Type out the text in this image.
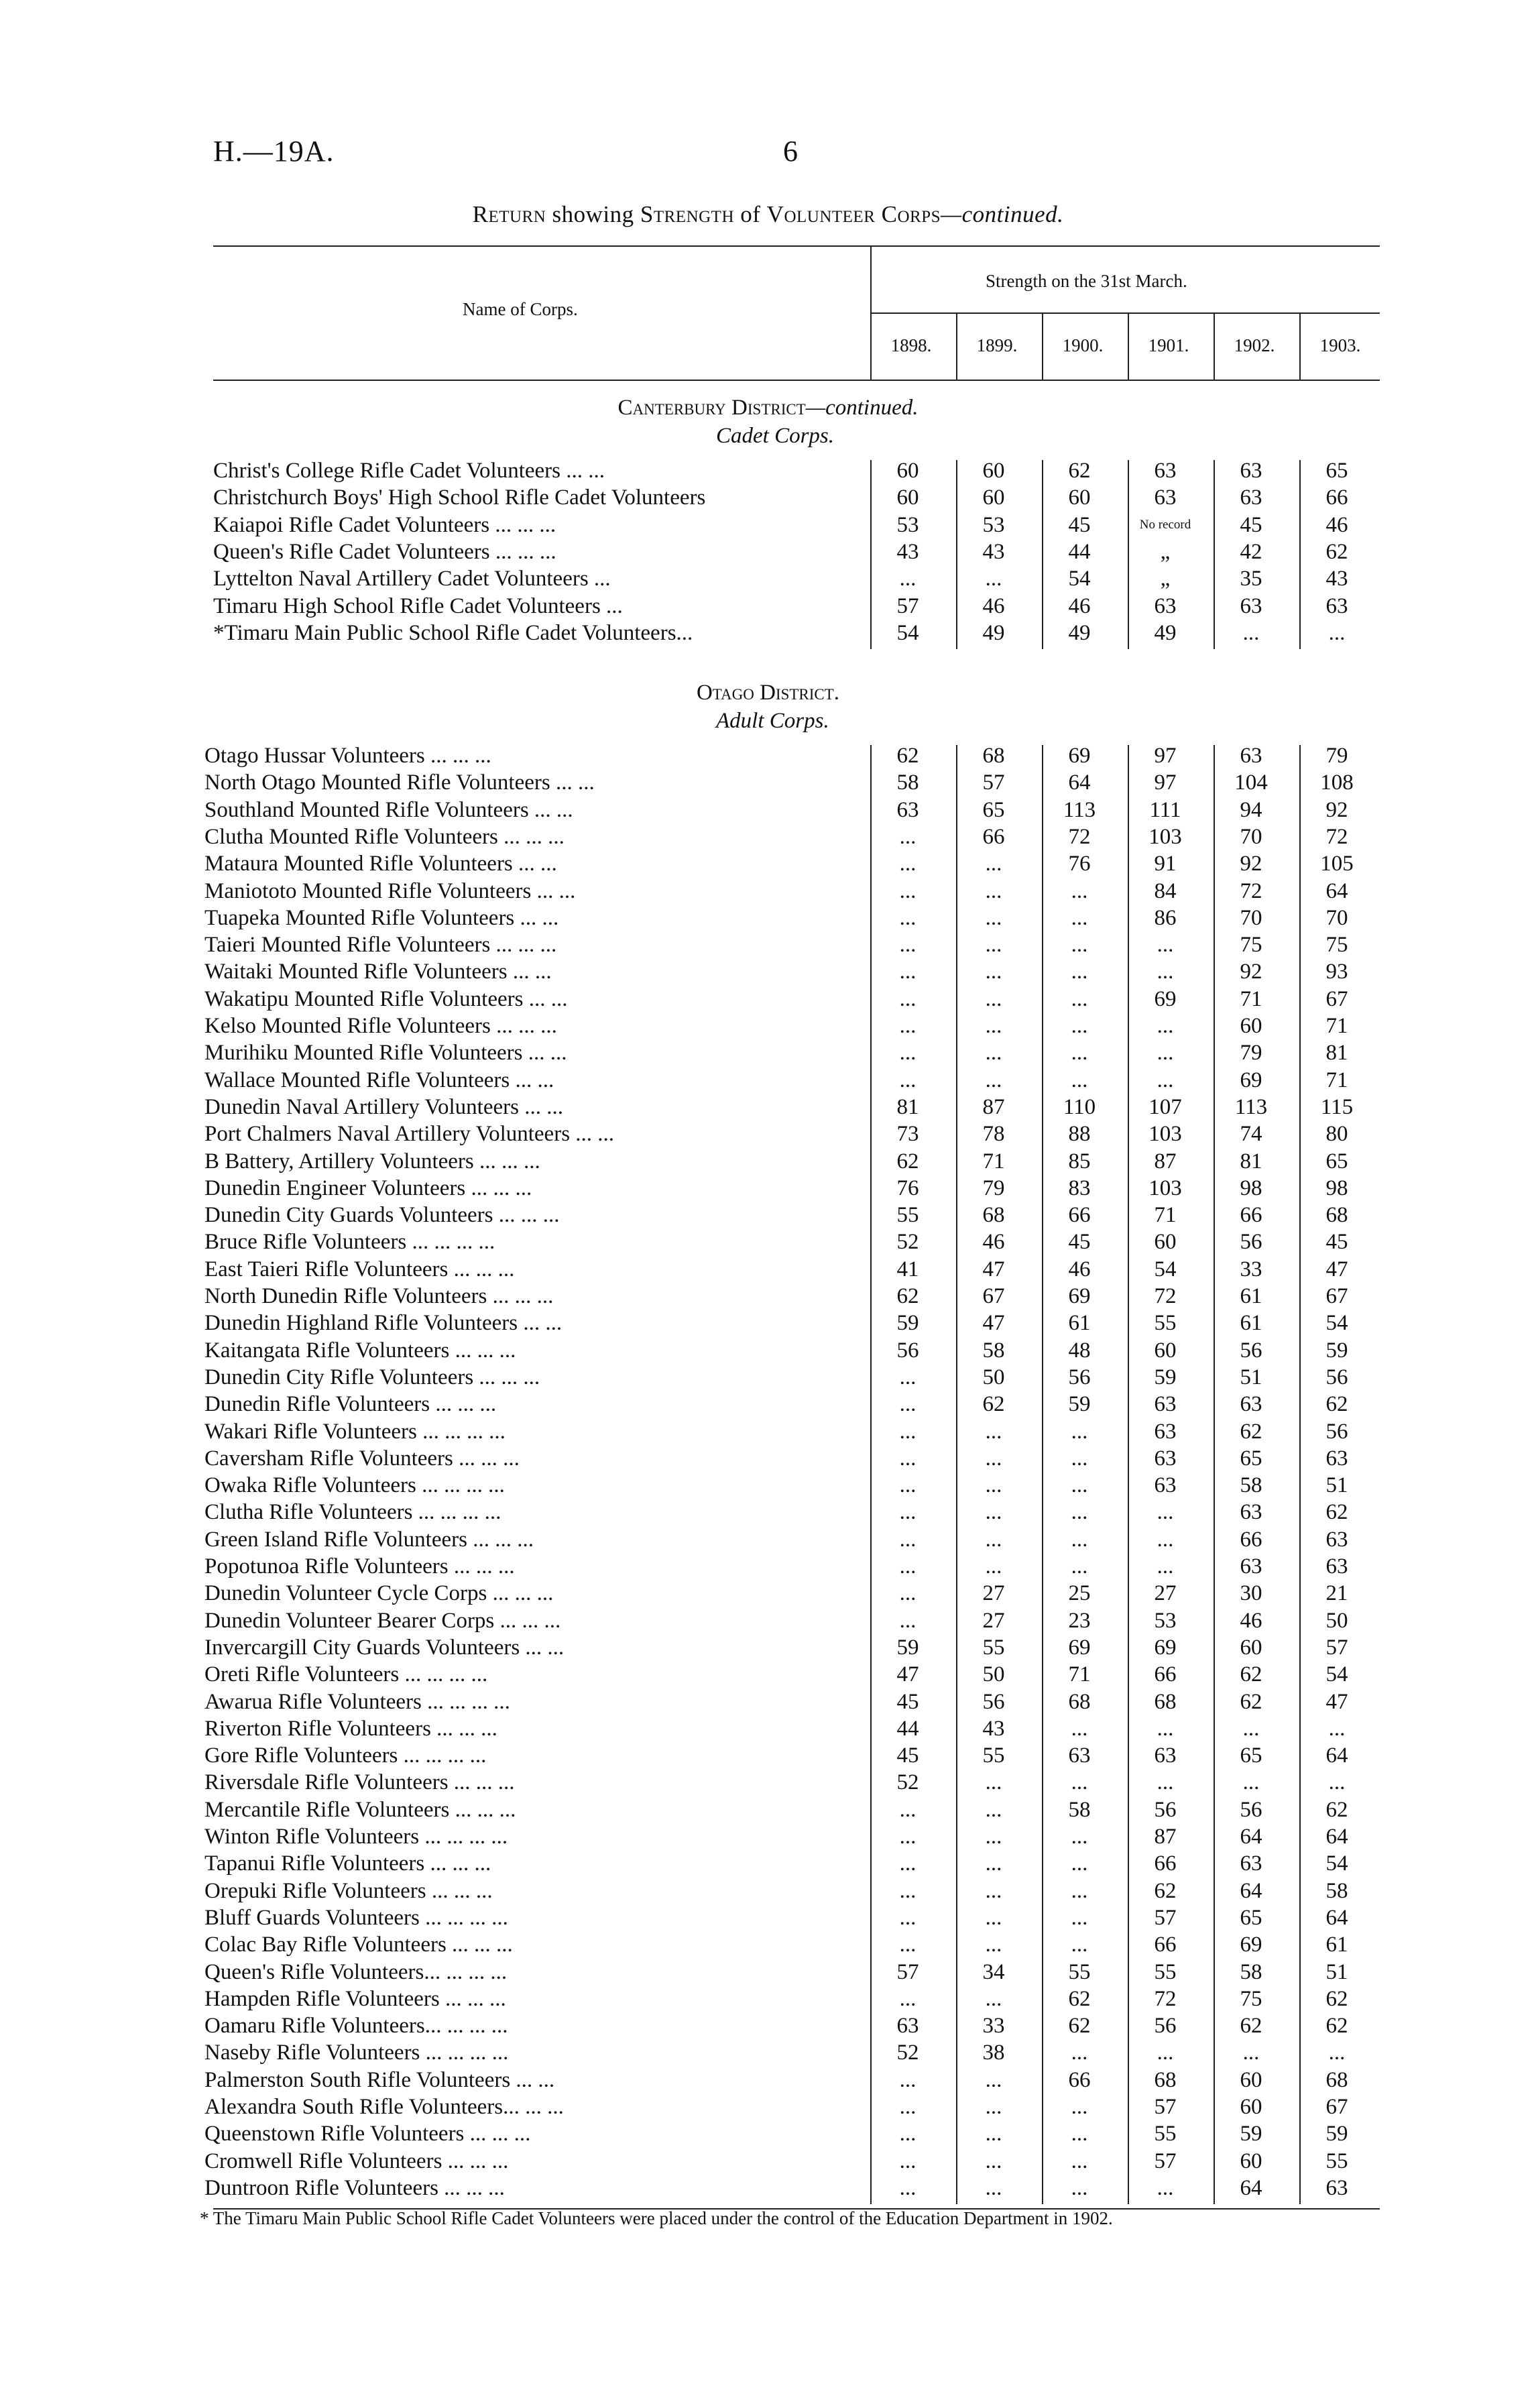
H.—19A.	6
Return showing Strength of Volunteer Corps—continued.
Name of Corps.
Strength on the 31st March.
1898.	1899.	1900.	1901.	1902.	1903.
Canterbury District—continued.
Cadet Corps.
Christ's College Rifle Cadet Volunteers ... ...	60	60	62	63	63	65
Christchurch Boys' High School Rifle Cadet Volunteers	60	60	60	63	63	66
Kaiapoi Rifle Cadet Volunteers ... ... ...	53	53	45	No record	45	46
Queen's Rifle Cadet Volunteers ... ... ...	43	43	44	„	42	62
Lyttelton Naval Artillery Cadet Volunteers ...	...	...	54	„	35	43
Timaru High School Rifle Cadet Volunteers ...	57	46	46	63	63	63
*Timaru Main Public School Rifle Cadet Volunteers...	54	49	49	49	...	...
Otago District.
Adult Corps.
Otago Hussar Volunteers ... ... ...	62	68	69	97	63	79
North Otago Mounted Rifle Volunteers ... ...	58	57	64	97	104	108
Southland Mounted Rifle Volunteers ... ...	63	65	113	111	94	92
Clutha Mounted Rifle Volunteers ... ... ...	...	66	72	103	70	72
Mataura Mounted Rifle Volunteers ... ...	...	...	76	91	92	105
Maniototo Mounted Rifle Volunteers ... ...	...	...	...	84	72	64
Tuapeka Mounted Rifle Volunteers ... ...	...	...	...	86	70	70
Taieri Mounted Rifle Volunteers ... ... ...	...	...	...	...	75	75
Waitaki Mounted Rifle Volunteers ... ...	...	...	...	...	92	93
Wakatipu Mounted Rifle Volunteers ... ...	...	...	...	69	71	67
Kelso Mounted Rifle Volunteers ... ... ...	...	...	...	...	60	71
Murihiku Mounted Rifle Volunteers ... ...	...	...	...	...	79	81
Wallace Mounted Rifle Volunteers ... ...	...	...	...	...	69	71
Dunedin Naval Artillery Volunteers ... ...	81	87	110	107	113	115
Port Chalmers Naval Artillery Volunteers ... ...	73	78	88	103	74	80
B Battery, Artillery Volunteers ... ... ...	62	71	85	87	81	65
Dunedin Engineer Volunteers ... ... ...	76	79	83	103	98	98
Dunedin City Guards Volunteers ... ... ...	55	68	66	71	66	68
Bruce Rifle Volunteers ... ... ... ...	52	46	45	60	56	45
East Taieri Rifle Volunteers ... ... ...	41	47	46	54	33	47
North Dunedin Rifle Volunteers ... ... ...	62	67	69	72	61	67
Dunedin Highland Rifle Volunteers ... ...	59	47	61	55	61	54
Kaitangata Rifle Volunteers ... ... ...	56	58	48	60	56	59
Dunedin City Rifle Volunteers ... ... ...	...	50	56	59	51	56
Dunedin Rifle Volunteers ... ... ...	...	62	59	63	63	62
Wakari Rifle Volunteers ... ... ... ...	...	...	...	63	62	56
Caversham Rifle Volunteers ... ... ...	...	...	...	63	65	63
Owaka Rifle Volunteers ... ... ... ...	...	...	...	63	58	51
Clutha Rifle Volunteers ... ... ... ...	...	...	...	...	63	62
Green Island Rifle Volunteers ... ... ...	...	...	...	...	66	63
Popotunoa Rifle Volunteers ... ... ...	...	...	...	...	63	63
Dunedin Volunteer Cycle Corps ... ... ...	...	27	25	27	30	21
Dunedin Volunteer Bearer Corps ... ... ...	...	27	23	53	46	50
Invercargill City Guards Volunteers ... ...	59	55	69	69	60	57
Oreti Rifle Volunteers ... ... ... ...	47	50	71	66	62	54
Awarua Rifle Volunteers ... ... ... ...	45	56	68	68	62	47
Riverton Rifle Volunteers ... ... ...	44	43	...	...	...	...
Gore Rifle Volunteers ... ... ... ...	45	55	63	63	65	64
Riversdale Rifle Volunteers ... ... ...	52	...	...	...	...	...
Mercantile Rifle Volunteers ... ... ...	...	...	58	56	56	62
Winton Rifle Volunteers ... ... ... ...	...	...	...	87	64	64
Tapanui Rifle Volunteers ... ... ...	...	...	...	66	63	54
Orepuki Rifle Volunteers ... ... ...	...	...	...	62	64	58
Bluff Guards Volunteers ... ... ... ...	...	...	...	57	65	64
Colac Bay Rifle Volunteers ... ... ...	...	...	...	66	69	61
Queen's Rifle Volunteers... ... ... ...	57	34	55	55	58	51
Hampden Rifle Volunteers ... ... ...	...	...	62	72	75	62
Oamaru Rifle Volunteers... ... ... ...	63	33	62	56	62	62
Naseby Rifle Volunteers ... ... ... ...	52	38	...	...	...	...
Palmerston South Rifle Volunteers ... ...	...	...	66	68	60	68
Alexandra South Rifle Volunteers... ... ...	...	...	...	57	60	67
Queenstown Rifle Volunteers ... ... ...	...	...	...	55	59	59
Cromwell Rifle Volunteers ... ... ...	...	...	...	57	60	55
Duntroon Rifle Volunteers ... ... ...	...	...	...	...	64	63
* The Timaru Main Public School Rifle Cadet Volunteers were placed under the control of the Education Department in 1902.
